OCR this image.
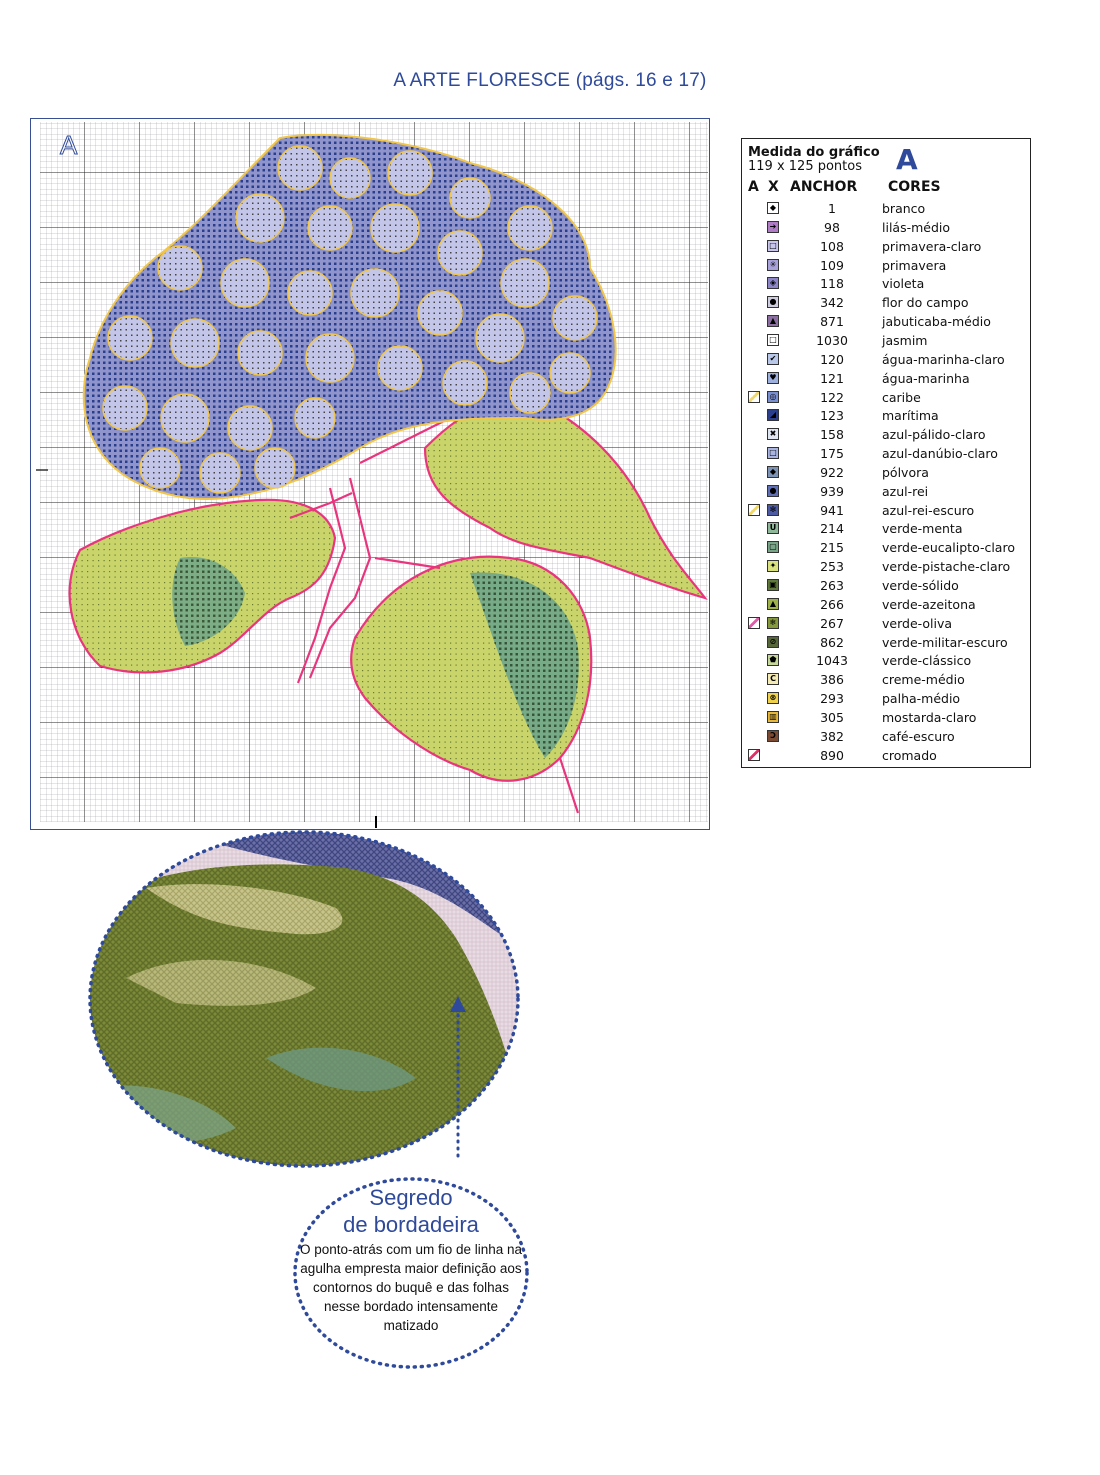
A ARTE FLORESCE (págs. 16 e 17)
A	Medida do gráfico
119 x 125 pontos	A
A X ANCHOR CORES
◆	1	branco
➔	98	lilás-médio
□	108	primavera-claro
✳	109	primavera
◈	118	violeta
●	342	flor do campo
▲	871	jabuticaba-médio
□	1030	jasmim
✔	120	água-marinha-claro
♥	121	água-marinha
◎	122	caribe
◢	123	marítima
✖	158	azul-pálido-claro
□	175	azul-danúbio-claro
◆	922	pólvora
●	939	azul-rei
✻	941	azul-rei-escuro
U	214	verde-menta
▢	215	verde-eucalipto-claro
✦	253	verde-pistache-claro
▣	263	verde-sólido
▲	266	verde-azeitona
❄	267	verde-oliva
⊘	862	verde-militar-escuro
⬟	1043	verde-clássico
C	386	creme-médio
⊗	293	palha-médio
▥	305	mostarda-claro
Ↄ	382	café-escuro
890	cromado
Segredo
de bordadeira
O ponto-atrás com um fio de linha na agulha empresta maior definição aos contornos do buquê e das folhas nesse bordado intensamente matizado
